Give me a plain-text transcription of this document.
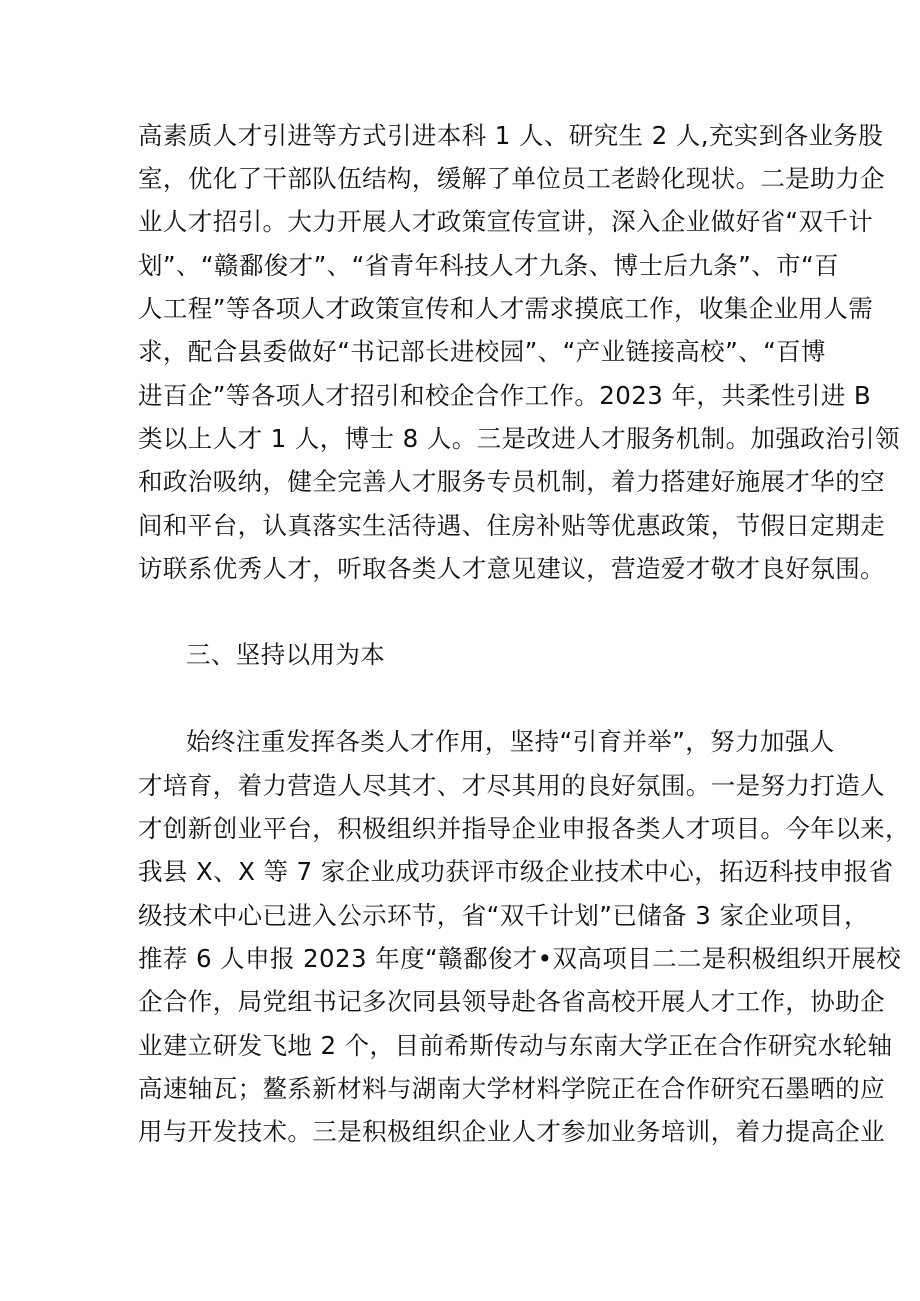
高素质人才引进等方式引进本科 1 人、研究生 2 人,充实到各业务股
室，优化了干部队伍结构，缓解了单位员工老龄化现状。二是助力企
业人才招引。大力开展人才政策宣传宣讲，深入企业做好省“双千计
划”、“赣鄱俊才”、“省青年科技人才九条、博士后九条”、市“百
人工程”等各项人才政策宣传和人才需求摸底工作，收集企业用人需
求，配合县委做好“书记部长进校园”、“产业链接高校”、“百博
进百企”等各项人才招引和校企合作工作。2023 年，共柔性引进 B
类以上人才 1 人，博士 8 人。三是改进人才服务机制。加强政治引领
和政治吸纳，健全完善人才服务专员机制，着力搭建好施展才华的空
间和平台，认真落实生活待遇、住房补贴等优惠政策，节假日定期走
访联系优秀人才，听取各类人才意见建议，营造爱才敬才良好氛围。
三、坚持以用为本
始终注重发挥各类人才作用，坚持“引育并举”，努力加强人
才培育，着力营造人尽其才、才尽其用的良好氛围。一是努力打造人
才创新创业平台，积极组织并指导企业申报各类人才项目。今年以来，
我县 X、X 等 7 家企业成功获评市级企业技术中心，拓迈科技申报省
级技术中心已进入公示环节，省“双千计划”已储备 3 家企业项目，
推荐 6 人申报 2023 年度“赣鄱俊才•双高项目二二是积极组织开展校
企合作，局党组书记多次同县领导赴各省高校开展人才工作，协助企
业建立研发飞地 2 个，目前希斯传动与东南大学正在合作研究水轮轴
高速轴瓦；鳌系新材料与湖南大学材料学院正在合作研究石墨晒的应
用与开发技术。三是积极组织企业人才参加业务培训，着力提高企业
